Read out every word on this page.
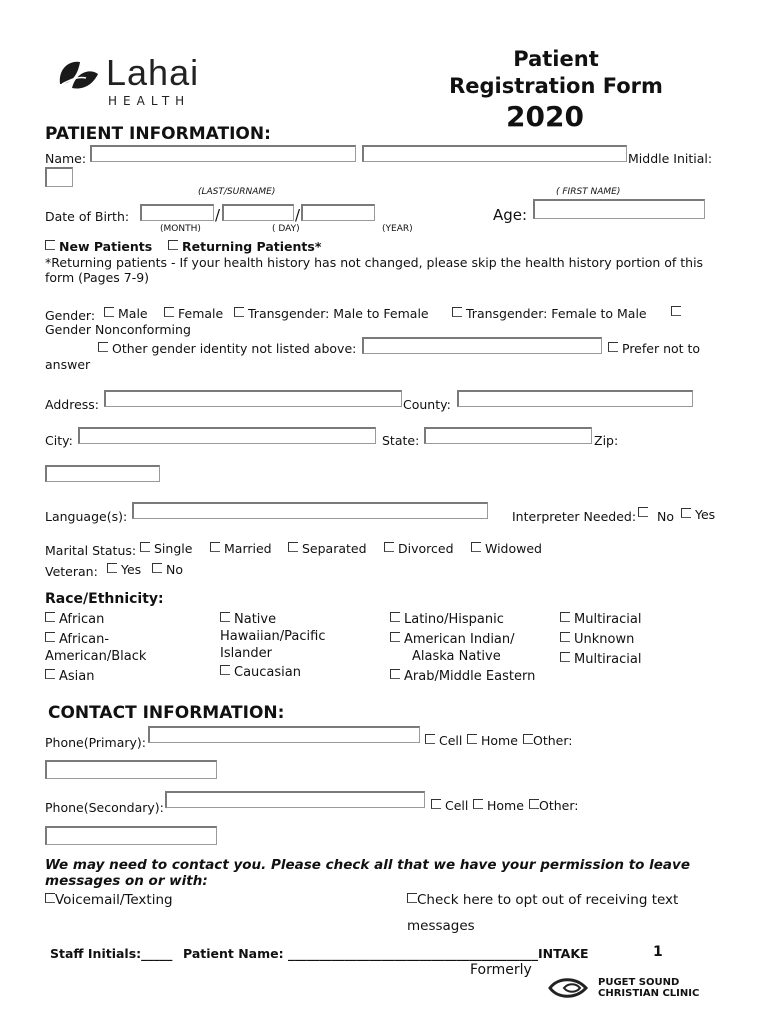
Lahai
HEALTH
Patient
Registration Form
2020
PATIENT INFORMATION:
Name:	Middle Initial:
(LAST/SURNAME)	( FIRST NAME)
Date of Birth:	/	/
(MONTH)	( DAY)	(YEAR)
Age:
New Patients	Returning Patients*
*Returning patients - If your health history has not changed, please skip the health history portion of this
form (Pages 7-9)
Gender:	Male	Female	Transgender: Male to Female	Transgender: Female to Male
Gender Nonconforming
Other gender identity not listed above:	Prefer not to
answer
Address:	County:
City:	State:	Zip:
Language(s):	Interpreter Needed: No	Yes
Marital Status:	Single	Married	Separated	Divorced	Widowed
Veteran:	Yes	No
Race/Ethnicity:
African
African-
American/Black
Asian
Native
Hawaiian/Pacific
Islander
Caucasian
Latino/Hispanic
American Indian/
Alaska Native
Arab/Middle Eastern
Multiracial
Unknown
Multiracial
CONTACT INFORMATION:
Phone(Primary):	Cell	Home	Other:
Phone(Secondary):	Cell	Home	Other:
We may need to contact you. Please check all that we have your permission to leave
messages on or with:
Voicemail/Texting	Check here to opt out of receiving text
messages
Staff Initials:_____ Patient Name: ________________________________________INTAKE	1
Formerly
PUGET SOUND
CHRISTIAN CLINIC
